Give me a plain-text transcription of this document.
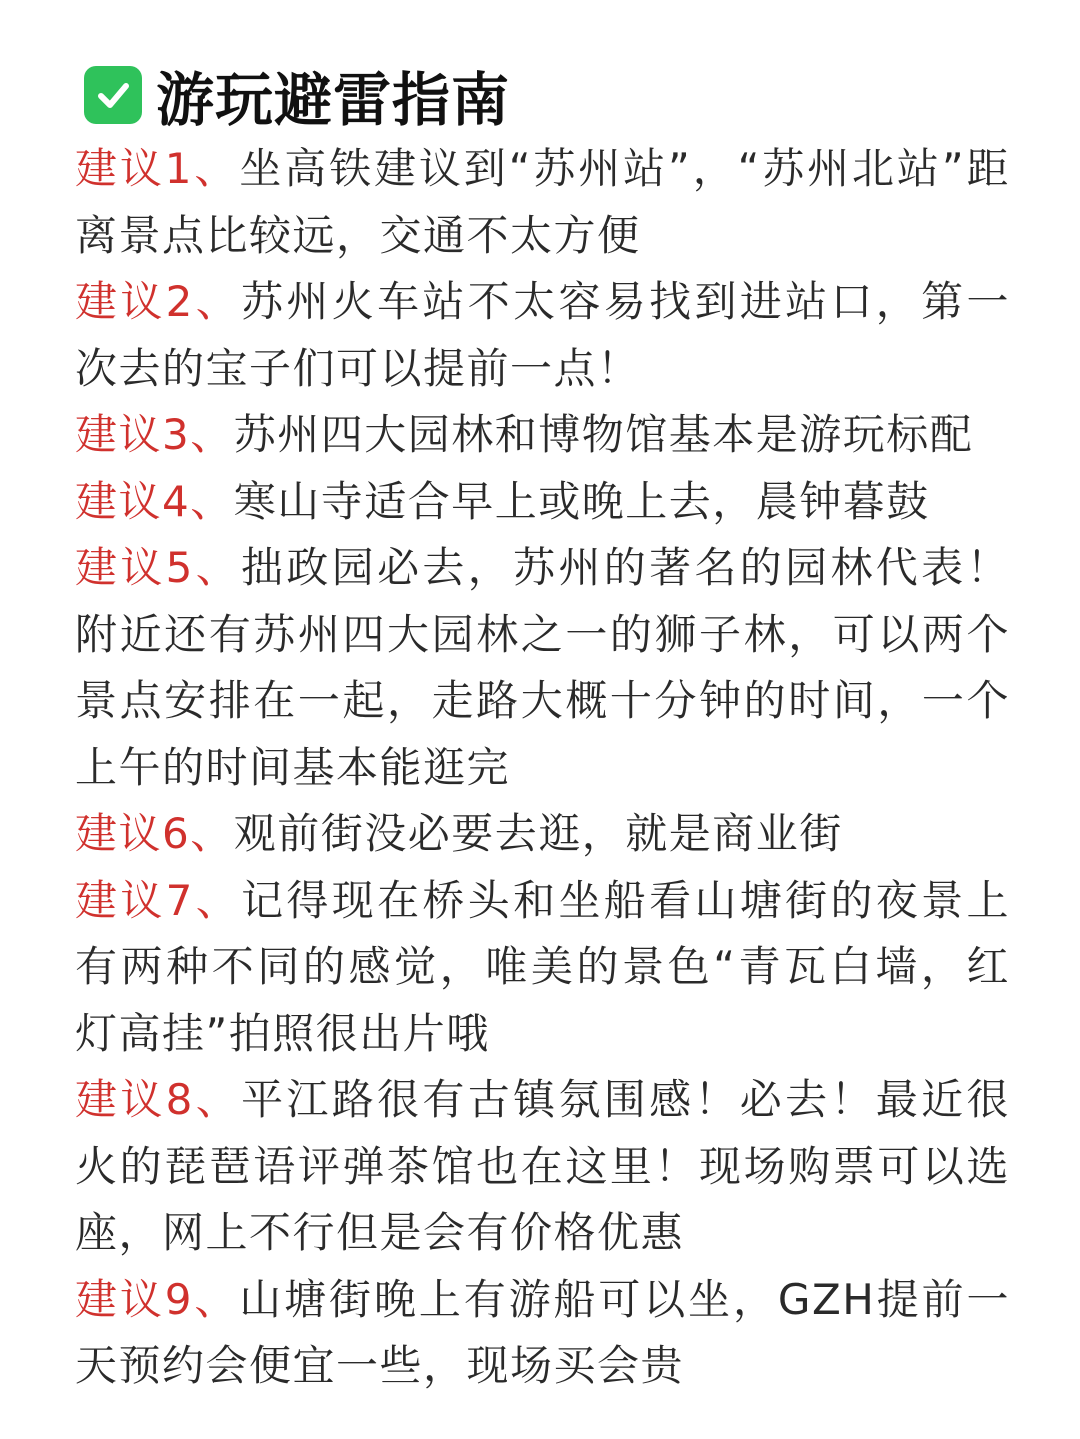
游玩避雷指南

建议1、坐高铁建议到“苏州站”，“苏州北站”距离景点比较远，交通不太方便

建议2、苏州火车站不太容易找到进站口，第一次去的宝子们可以提前一点！

建议3、苏州四大园林和博物馆基本是游玩标配

建议4、寒山寺适合早上或晚上去，晨钟暮鼓

建议5、拙政园必去，苏州的著名的园林代表！附近还有苏州四大园林之一的狮子林，可以两个景点安排在一起，走路大概十分钟的时间，一个上午的时间基本能逛完

建议6、观前街没必要去逛，就是商业街

建议7、记得现在桥头和坐船看山塘街的夜景上有两种不同的感觉，唯美的景色“青瓦白墙，红灯高挂”拍照很出片哦

建议8、平江路很有古镇氛围感！必去！最近很火的琵琶语评弹茶馆也在这里！现场购票可以选座，网上不行但是会有价格优惠

建议9、山塘街晚上有游船可以坐，GZH提前一天预约会便宜一些，现场买会贵
